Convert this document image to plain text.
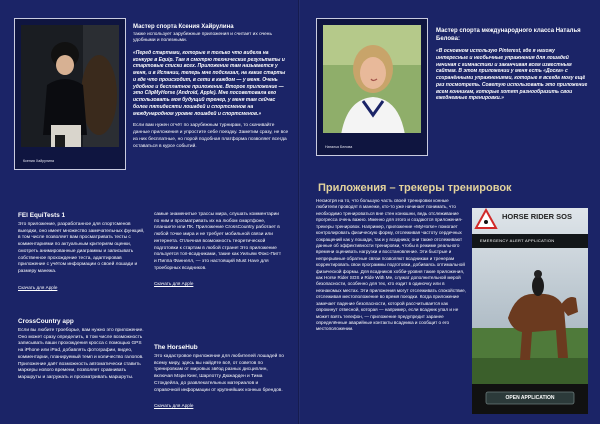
Ксения Хайрулина
Мастер спорта Ксения Хайрулина
также использует зарубежные приложения и считает их очень удобными и полезными.
«Перед стартами, которые я только что видела на конкуре в Equip. Там я смотрю технические результаты и стартовые списки всех. Приложение там называется у меня, и в Испании, теперь мне подсказал, на какие старты и где что происходит, в сети в каждом — у меня. Очень удобное и бесплатное приложение. Второе приложение — это ClipMyHorse (Android, Apple). Мне посоветовала его использовать моя будущий тренер, у меня там сейчас более пятидесяти лошадей и спортсменов на международном уровне лошадей и спортсменов.»
Если вам нужен отчёт по зарубежным турнирам, то скачивайте данные приложения и упростите себе поездку. Заметим сразу, не все из них бесплатные, но порой подобная платформа позволяет всегда оставаться в курсе событий.
FEI EquiTests 1
Это приложение, разработанное для спортсменов выездки, оно имеет множество замечательных функций, в том числе позволяет вам просматривать тесты с комментариями по актуальным критериям оценки, смотреть анимированные диаграммы и записывать собственное прохождение теста, адаптировав приложение с учётом информации о своей лошади и размеру манежа.
Скачать для Apple
CrossCountry app
Если вы любите троеборье, вам нужно это приложение. Оно может сразу определить, в том числе возможность записывать ваши прохождения кросса с помощью GPS на iPhone или iPad, добавлять фотографии, видео, комментарии, планируемый темп и количество галопов. Приложение даёт возможность автоматически ставить маркеры нового времени, позволяет сравнивать маршруты и загружать и просматривать маршруты.
самые знаменитые трассы мира, слушать комментарии по ним и просматривать их на любом смартфоне, планшете или ПК. Приложение CrossCountry работает в любой точке мира и не требует мобильной связи или интернета. Отличная возможность теоретической подготовки к стартам в любой стране! Это приложение пользуется топ-всадниками, такие как Уильям Фокс-Питт и Пиппа Фаннелл, — это настоящий Must Have для троеборных всадников.
Скачать для Apple
The HorseHub
Это кадастровое приложение для любителей лошадей по всему миру, здесь вы найдёте всё, от советов по тренировкам от мировых звёзд разных дисциплин, включая Мэри Кинг, Шарлотту Дюжарден и Тима Стокдейла, до развлекательных материалов и справочной информации от крупнейших конных брендов.
Скачать для Apple
Наталья Белова
Мастер спорта международного класса Наталья Белова:
«В основном использую Pinterest, где я нахожу интересные и необычные упражнения для лошадей начиная с гимнастики и заканчивая всем известным сайтам. В этом приложении у меня есть «Доска» с сохранёнными упражнениями, которые я всегда могу ещё раз посмотреть. Советую использовать это приложение всем конникам, которые хотят разнообразить свои ежедневные тренировки.»
Несмотря на то, что большую часть своей тренировки конные любители проводят в манеже, кто-то уже начинает понимать, что необходимо тренироваться вне стен конюшни, ведь отслеживание прогресса очень важно. Именно для этого и создаются приложения-трекеры тренировок. Например, приложение «MyHorse» помогает контролировать физическую форму, отслеживая частоту сердечных сокращений как у лошади, так и у всадника; они также отслеживают данные об эффективности тренировки, чтобы в режиме реального времени оценивать нагрузки и восстановление. Эти быстрые и непрерывные обратные связи позволяют всадникам и тренерам корректировать свои программы подготовки, добиваясь оптимальной физической формы. Для всадников хобби-уровня такие приложения, как Horse Rider SOS и Ride With Me, служат дополнительной мерой безопасности, особенно для тех, кто ездит в одиночку или в незнакомых местах. Эти приложения могут отслеживать спокойствие, отслеживая местоположение во время поездки. Когда приложение замечает падение безопасности, которой рассчитывается как опрокинут отвесной, которая — например, если всадник упал и не может взять телефон, — приложение предупредит заранее определённые аварийные контакты всадника и сообщит о его местоположении.
HORSE RIDER SOS
EMERGENCY ALERT APPLICATION
OPEN APPLICATION
Приложения – трекеры тренировок
